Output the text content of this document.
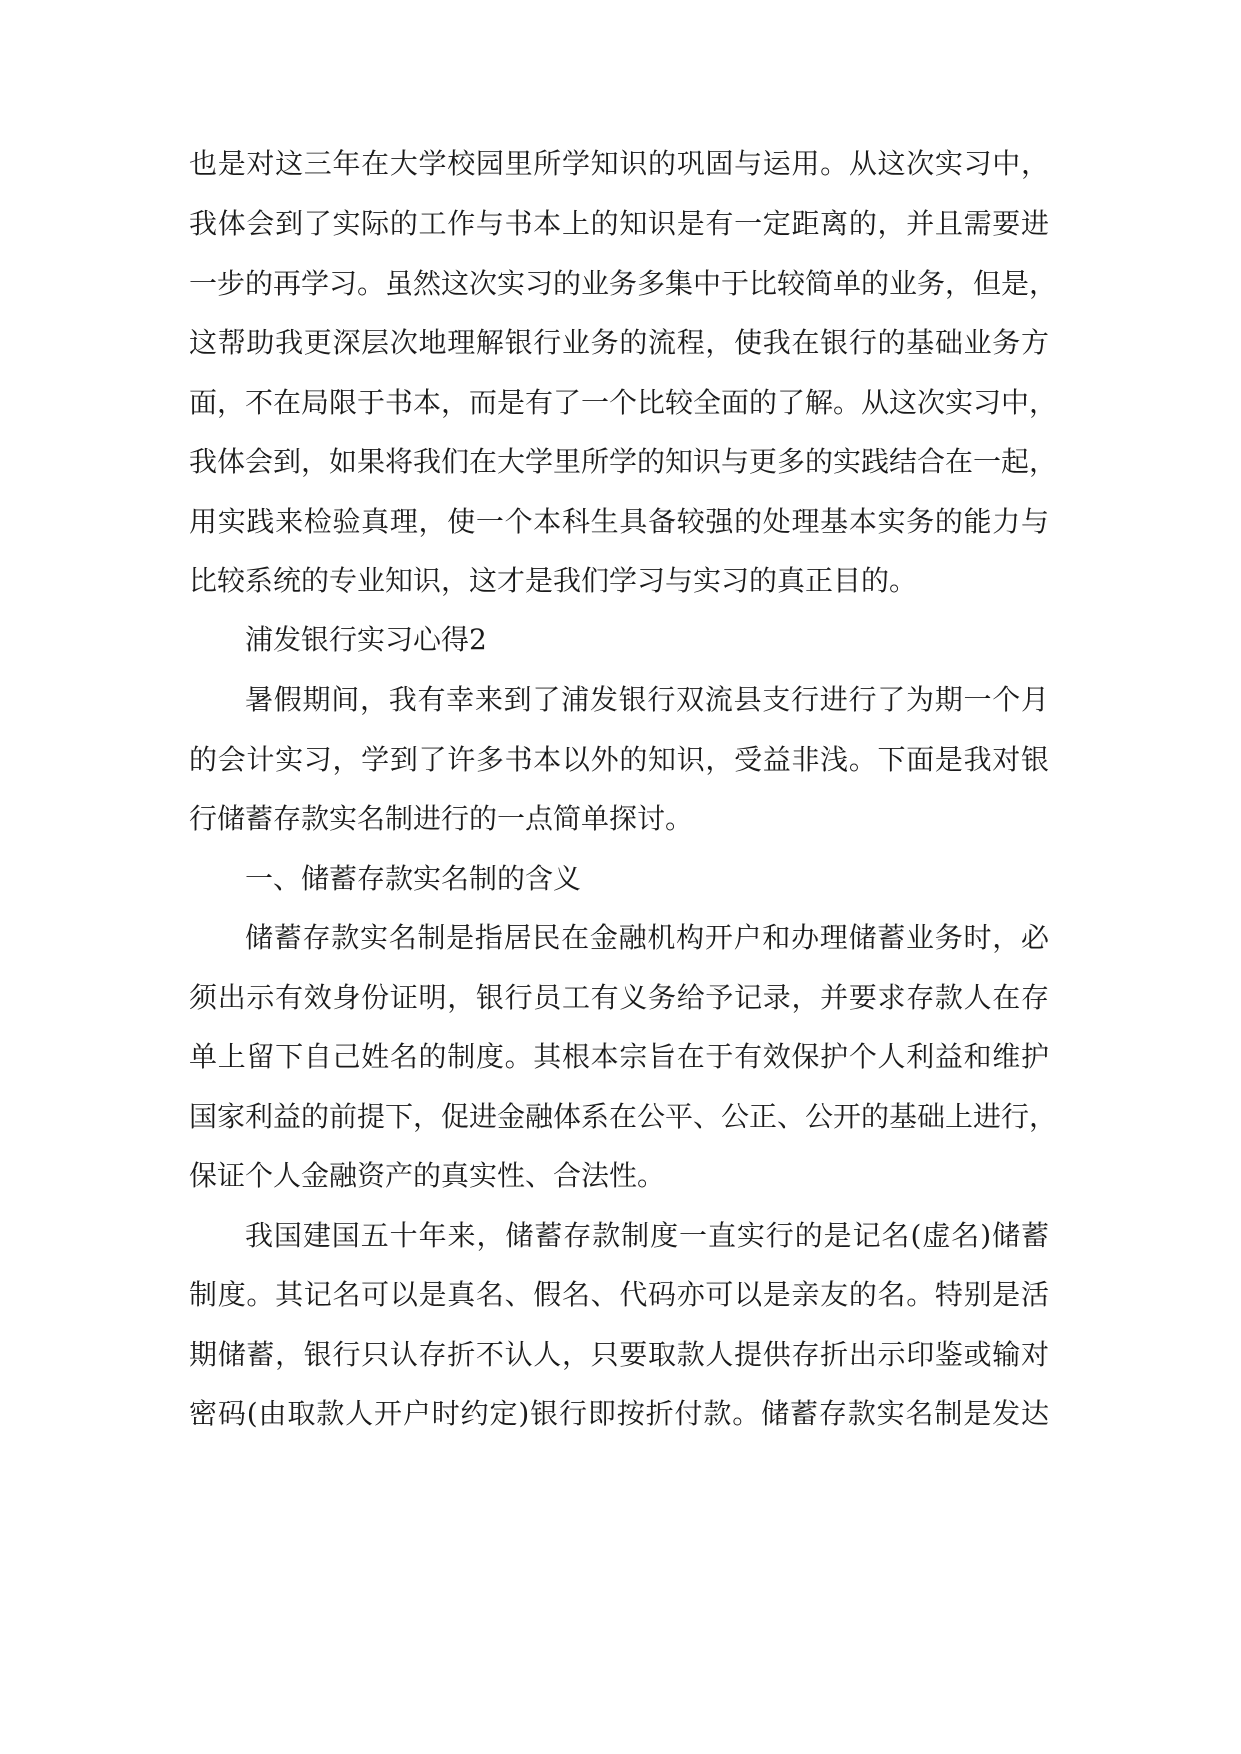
也是对这三年在大学校园里所学知识的巩固与运用。从这次实习中，
我体会到了实际的工作与书本上的知识是有一定距离的，并且需要进
一步的再学习。虽然这次实习的业务多集中于比较简单的业务，但是，
这帮助我更深层次地理解银行业务的流程，使我在银行的基础业务方
面，不在局限于书本，而是有了一个比较全面的了解。从这次实习中，
我体会到，如果将我们在大学里所学的知识与更多的实践结合在一起，
用实践来检验真理，使一个本科生具备较强的处理基本实务的能力与
比较系统的专业知识，这才是我们学习与实习的真正目的。
浦发银行实习心得2
暑假期间，我有幸来到了浦发银行双流县支行进行了为期一个月
的会计实习，学到了许多书本以外的知识，受益非浅。下面是我对银
行储蓄存款实名制进行的一点简单探讨。
一、储蓄存款实名制的含义
储蓄存款实名制是指居民在金融机构开户和办理储蓄业务时，必
须出示有效身份证明，银行员工有义务给予记录，并要求存款人在存
单上留下自己姓名的制度。其根本宗旨在于有效保护个人利益和维护
国家利益的前提下，促进金融体系在公平、公正、公开的基础上进行，
保证个人金融资产的真实性、合法性。
我国建国五十年来，储蓄存款制度一直实行的是记名(虚名)储蓄
制度。其记名可以是真名、假名、代码亦可以是亲友的名。特别是活
期储蓄，银行只认存折不认人，只要取款人提供存折出示印鉴或输对
密码(由取款人开户时约定)银行即按折付款。储蓄存款实名制是发达
